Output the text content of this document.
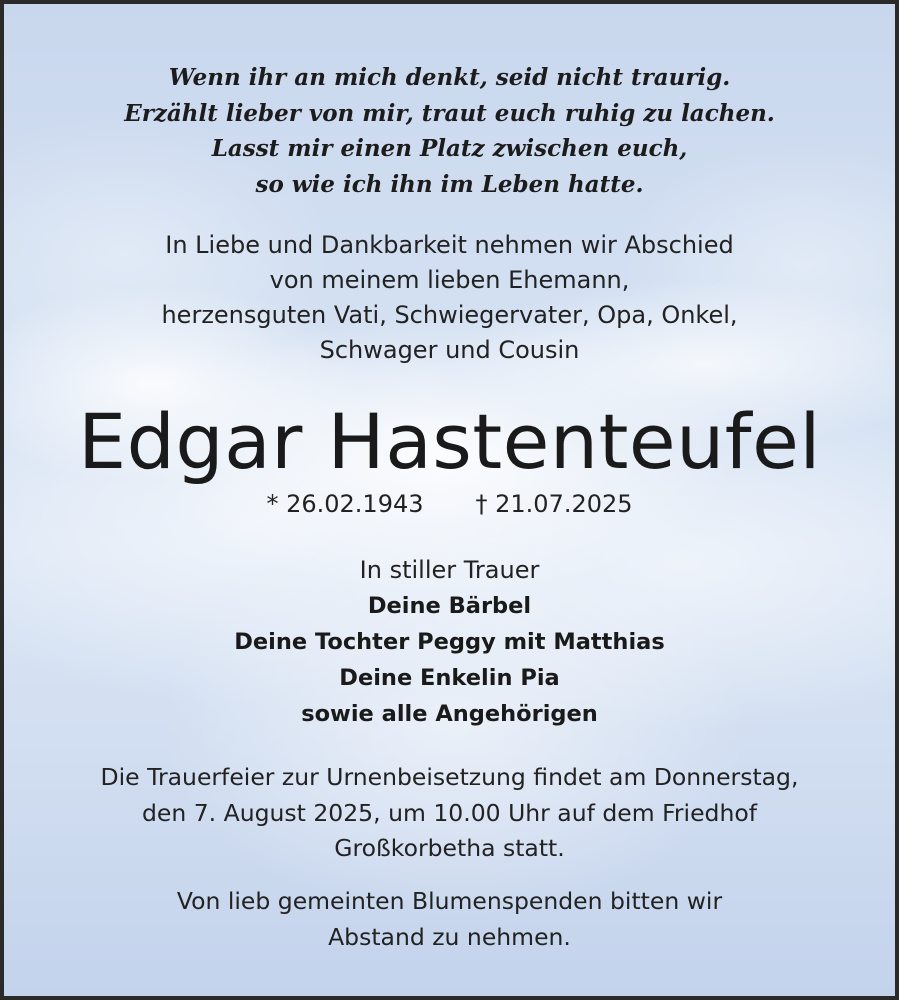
Wenn ihr an mich denkt, seid nicht traurig.
Erzählt lieber von mir, traut euch ruhig zu lachen.
Lasst mir einen Platz zwischen euch,
so wie ich ihn im Leben hatte.
In Liebe und Dankbarkeit nehmen wir Abschied
von meinem lieben Ehemann,
herzensguten Vati, Schwiegervater, Opa, Onkel,
Schwager und Cousin
Edgar Hastenteufel
* 26.02.1943 † 21.07.2025
In stiller Trauer
Deine Bärbel
Deine Tochter Peggy mit Matthias
Deine Enkelin Pia
sowie alle Angehörigen
Die Trauerfeier zur Urnenbeisetzung findet am Donnerstag,
den 7. August 2025, um 10.00 Uhr auf dem Friedhof
Großkorbetha statt.
Von lieb gemeinten Blumenspenden bitten wir
Abstand zu nehmen.
